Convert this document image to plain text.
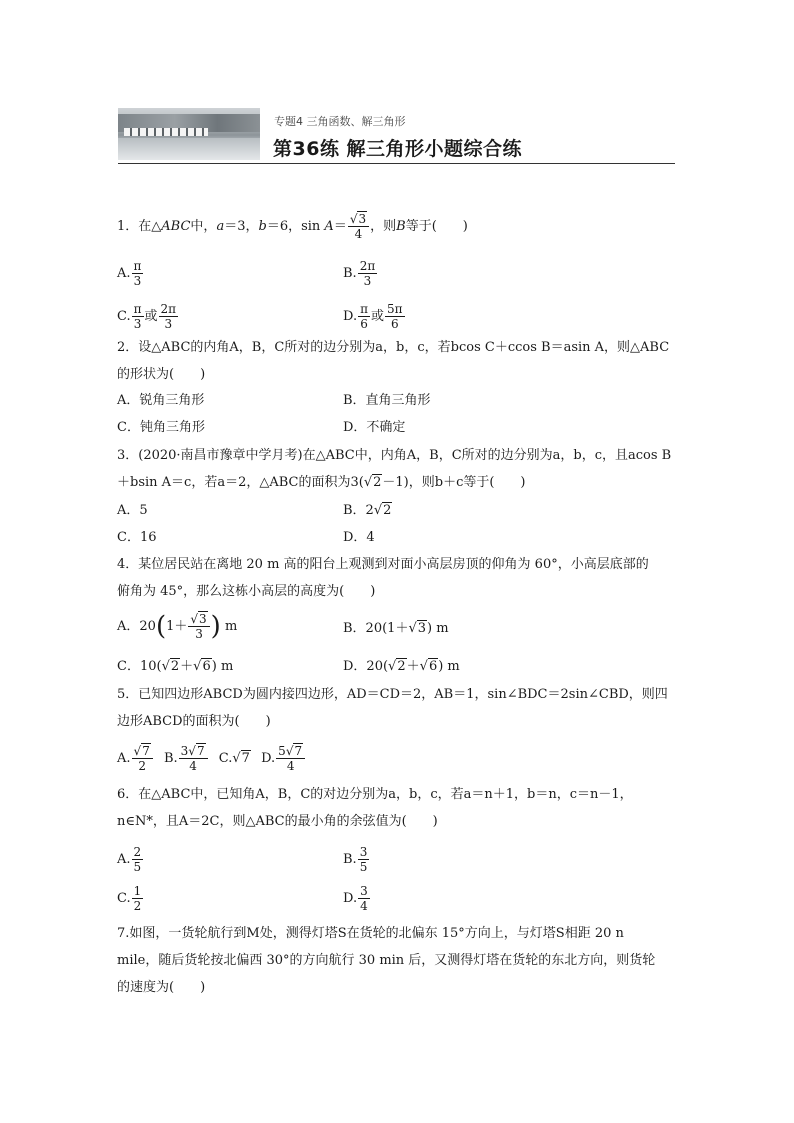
专题4 三角函数、解三角形
第36练 解三角形小题综合练
1．在△ABC中，a＝3，b＝6，$\sin A= \frac{√3}{4}$ ，则B等于(　　)
A. $\frac{\pi}{3}$	B. $\frac{2\pi}{3}$
C. $\frac{\pi}{3}$ 或 $\frac{2\pi}{3}$	D. $\frac{\pi}{6}$ 或 $\frac{5\pi}{6}$
2．设△ABC的内角A，B，C所对的边分别为a，b，c，若bcos C＋ccos B＝asin A，则△ABC
的形状为(　　)
A．锐角三角形	B．直角三角形
C．钝角三角形	D．不确定
3．(2020·南昌市豫章中学月考)在△ABC中，内角A，B，C所对的边分别为a，b，c，且acos B
＋bsin A＝c，若a＝2，△ABC的面积为3(√2－1)，则b＋c等于(　　)
A．5	B．2√2
C．16	D．4
4．某位居民站在离地 20 m 高的阳台上观测到对面小高层房顶的仰角为 60°，小高层底部的
俯角为 45°，那么这栋小高层的高度为(　　)
A．$20(1+ \frac{√3}{3}$ ) m	B．20(1＋√3) m
C．10(√2＋√6) m	D．20(√2＋√6) m
5．已知四边形ABCD为圆内接四边形，AD＝CD＝2，AB＝1，sin∠BDC＝2sin∠CBD，则四
边形ABCD的面积为(　　)
A. $\frac{√7}{2} B$. $\frac{3√7}{4} C.√7$ D. $\frac{5√7}{4}$
6．在△ABC中，已知角A，B，C的对边分别为a，b，c，若a＝n＋1，b＝n，c＝n－1，
n∈N*，且A＝2C，则△ABC的最小角的余弦值为(　　)
A. $\frac{2}{5}$	B. $\frac{3}{5}$
C. $\frac{1}{2}$	D. $\frac{3}{4}$
7.如图，一货轮航行到M处，测得灯塔S在货轮的北偏东 15°方向上，与灯塔S相距 20 n
mile，随后货轮按北偏西 30°的方向航行 30 min 后，又测得灯塔在货轮的东北方向，则货轮
的速度为(　　)
